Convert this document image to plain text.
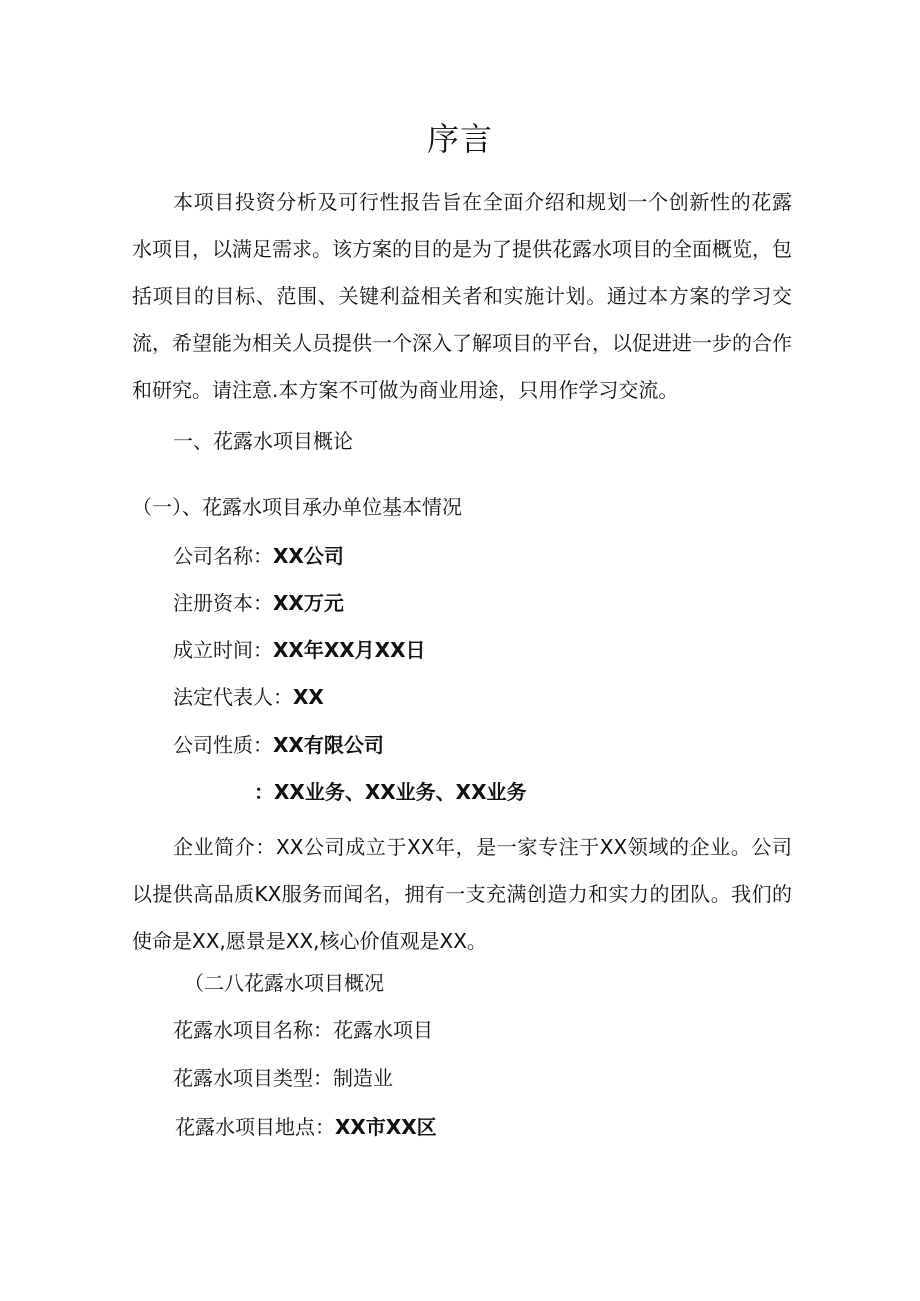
序言

本项目投资分析及可行性报告旨在全面介绍和规划一个创新性的花露水项目，以满足需求。该方案的目的是为了提供花露水项目的全面概览，包括项目的目标、范围、关键利益相关者和实施计划。通过本方案的学习交流，希望能为相关人员提供一个深入了解项目的平台，以促进进一步的合作和研究。请注意.本方案不可做为商业用途，只用作学习交流。

一、花露水项目概论
（一）、花露水项目承办单位基本情况
公司名称：XX公司
注册资本：XX万元
成立时间：XX年XX月XX日
法定代表人：XX
公司性质：XX有限公司
：XX业务、XX业务、XX业务

企业简介：XX公司成立于XX年，是一家专注于XX领域的企业。公司以提供高品质KX服务而闻名，拥有一支充满创造力和实力的团队。我们的使命是XX,愿景是XX,核心价值观是XX。

（二八花露水项目概况
花露水项目名称：花露水项目
花露水项目类型：制造业
花露水项目地点：XX市XX区
